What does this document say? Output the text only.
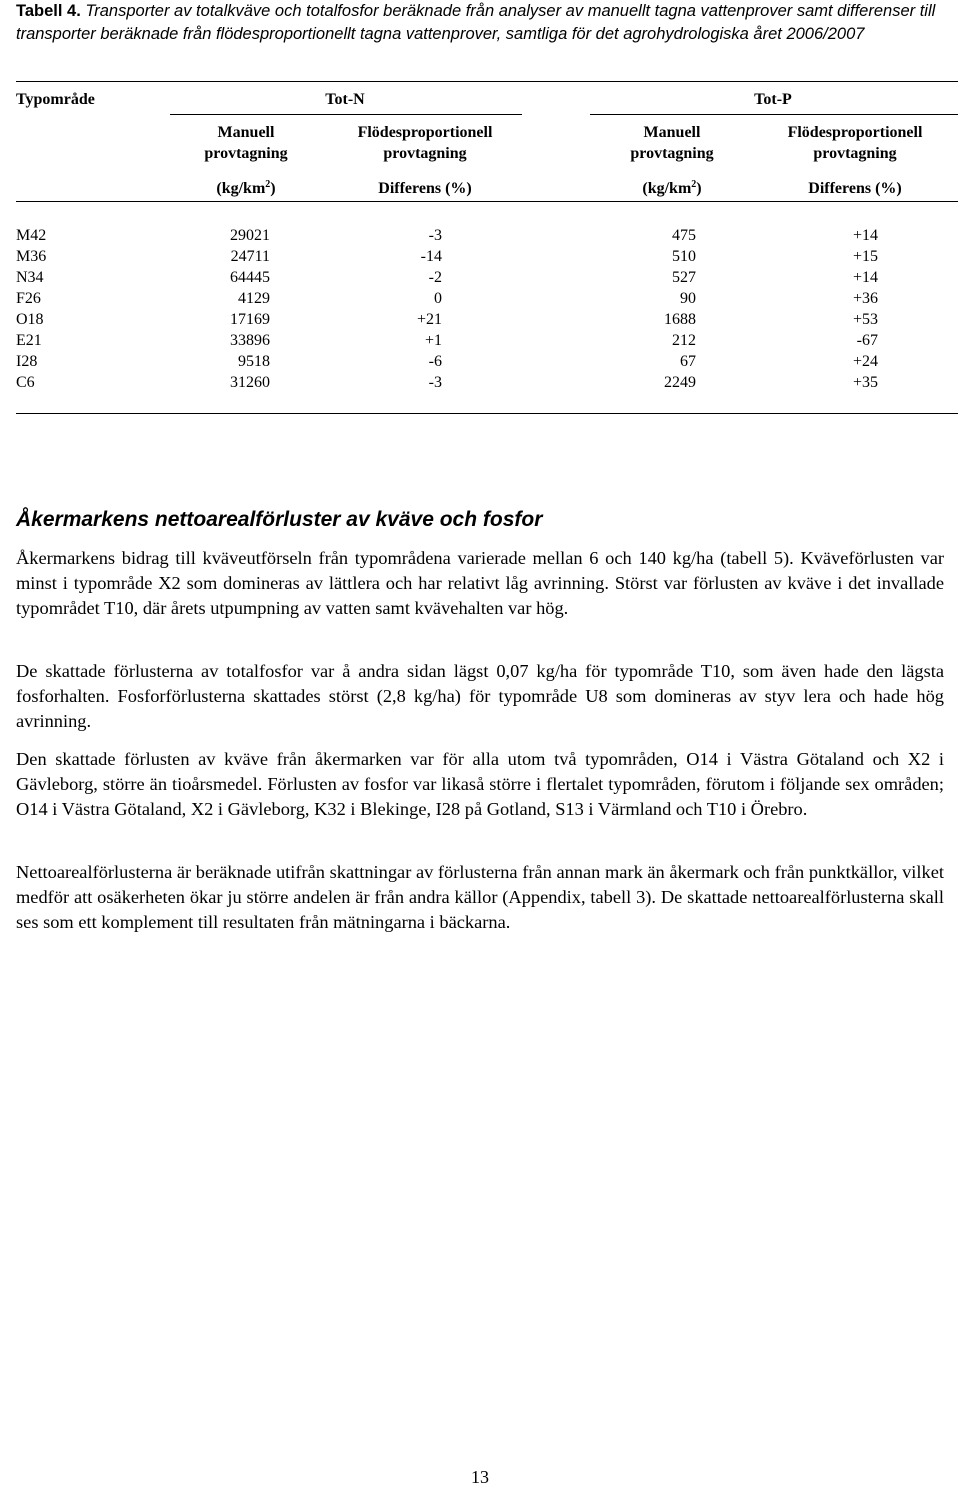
Tabell 4. Transporter av totalkväve och totalfosfor beräknade från analyser av manuellt tagna vattenprover samt differenser till transporter beräknade från flödesproportionellt tagna vattenprover, samtliga för det agrohydrologiska året 2006/2007
Typområde	Tot-N	Tot-P
Manuell
provtagning
Flödesproportionell
provtagning
Manuell
provtagning
Flödesproportionell
provtagning
$(kg/km^2)$	Differens (%)	$(kg/km^2)$	Differens (%)
M42	29021	-3	475	+14
M36	24711	-14	510	+15
N34	64445	-2	527	+14
F26	4129	0	90	+36
O18	17169	+21	1688	+53
E21	33896	+1	212	-67
I28	9518	-6	67	+24
C6	31260	-3	2249	+35
Åkermarkens nettoarealförluster av kväve och fosfor
Åkermarkens bidrag till kväveutförseln från typområdena varierade mellan 6 och 140 kg/ha (tabell 5). Kväveförlusten var minst i typområde X2 som domineras av lättlera och har relativt låg avrinning. Störst var förlusten av kväve i det invallade typområdet T10, där årets utpumpning av vatten samt kvävehalten var hög.
De skattade förlusterna av totalfosfor var å andra sidan lägst 0,07 kg/ha för typområde T10, som även hade den lägsta fosforhalten. Fosforförlusterna skattades störst (2,8 kg/ha) för typområde U8 som domineras av styv lera och hade hög avrinning.
Den skattade förlusten av kväve från åkermarken var för alla utom två typområden, O14 i Västra Götaland och X2 i Gävleborg, större än tioårsmedel. Förlusten av fosfor var likaså större i flertalet typområden, förutom i följande sex områden; O14 i Västra Götaland, X2 i Gävleborg, K32 i Blekinge, I28 på Gotland, S13 i Värmland och T10 i Örebro.
Nettoarealförlusterna är beräknade utifrån skattningar av förlusterna från annan mark än åkermark och från punktkällor, vilket medför att osäkerheten ökar ju större andelen är från andra källor (Appendix, tabell 3). De skattade nettoarealförlusterna skall ses som ett komplement till resultaten från mätningarna i bäckarna.
13
